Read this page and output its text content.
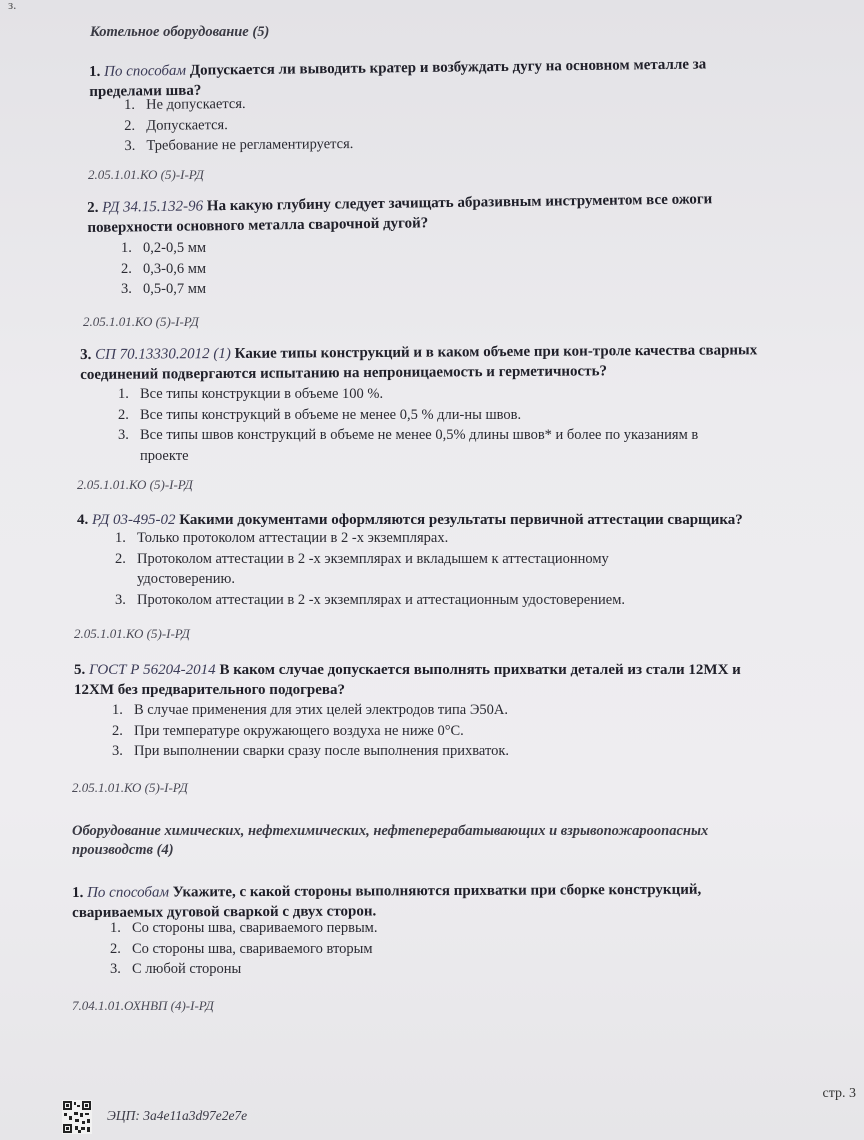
з.
Котельное оборудование (5)
1. По способам Допускается ли выводить кратер и возбуждать дугу на основном металле за
пределами шва?
1. Не допускается.
2. Допускается.
3. Требование не регламентируется.
2.05.1.01.КО (5)-I-РД
2. РД 34.15.132-96 На какую глубину следует зачищать абразивным инструментом все ожоги
поверхности основного металла сварочной дугой?
1. 0,2-0,5 мм
2. 0,3-0,6 мм
3. 0,5-0,7 мм
2.05.1.01.КО (5)-I-РД
3. СП 70.13330.2012 (1) Какие типы конструкций и в каком объеме при кон-троле качества сварных
соединений подвергаются испытанию на непроницаемость и герметичность?
1. Все типы конструкции в объеме 100 %.
2. Все типы конструкций в объеме не менее 0,5 % дли-ны швов.
3. Все типы швов конструкций в объеме не менее 0,5% длины швов* и более по указаниям в
проекте
2.05.1.01.КО (5)-I-РД
4. РД 03-495-02 Какими документами оформляются результаты первичной аттестации сварщика?
1. Только протоколом аттестации в 2 -х экземплярах.
2. Протоколом аттестации в 2 -х экземплярах и вкладышем к аттестационному
удостоверению.
3. Протоколом аттестации в 2 -х экземплярах и аттестационным удостоверением.
2.05.1.01.КО (5)-I-РД
5. ГОСТ Р 56204-2014 В каком случае допускается выполнять прихватки деталей из стали 12МХ и
12ХМ без предварительного подогрева?
1. В случае применения для этих целей электродов типа Э50А.
2. При температуре окружающего воздуха не ниже 0°С.
3. При выполнении сварки сразу после выполнения прихваток.
2.05.1.01.КО (5)-I-РД
Оборудование химических, нефтехимических, нефтеперерабатывающих и взрывопожароопасных
производств (4)
1. По способам Укажите, с какой стороны выполняются прихватки при сборке конструкций,
свариваемых дуговой сваркой с двух сторон.
1. Со стороны шва, сваривaемого первым.
2. Со стороны шва, свариваемого вторым
3. С любой стороны
7.04.1.01.ОХНВП (4)-I-РД
стр. 3
ЭЦП: 3a4e11a3d97e2e7e
